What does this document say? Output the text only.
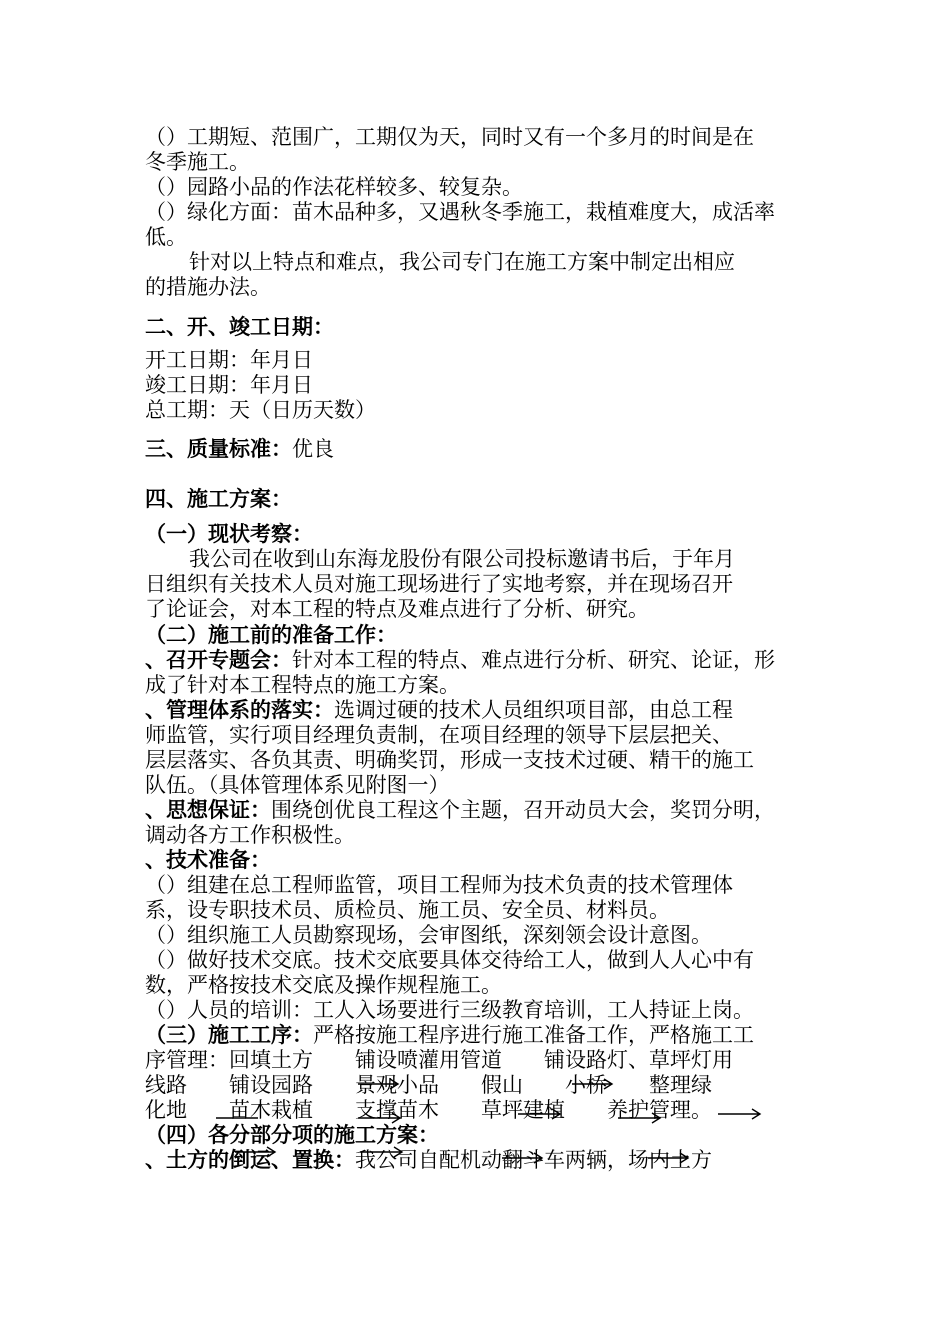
（）工期短、范围广，工期仅为天，同时又有一个多月的时间是在
冬季施工。
（）园路小品的作法花样较多、较复杂。
（）绿化方面：苗木品种多，又遇秋冬季施工，栽植难度大，成活率
低。
针对以上特点和难点，我公司专门在施工方案中制定出相应
的措施办法。
二、开、竣工日期：
开工日期：年月日
竣工日期：年月日
总工期：天（日历天数）
三、质量标准：优良
四、施工方案：
（一）现状考察：
我公司在收到山东海龙股份有限公司投标邀请书后，于年月
日组织有关技术人员对施工现场进行了实地考察，并在现场召开
了论证会，对本工程的特点及难点进行了分析、研究。
（二）施工前的准备工作：
、召开专题会：针对本工程的特点、难点进行分析、研究、论证，形
成了针对本工程特点的施工方案。
、管理体系的落实：选调过硬的技术人员组织项目部，由总工程
师监管，实行项目经理负责制，在项目经理的领导下层层把关、
层层落实、各负其责、明确奖罚，形成一支技术过硬、精干的施工
队伍。（具体管理体系见附图一）
、思想保证：围绕创优良工程这个主题，召开动员大会，奖罚分明，
调动各方工作积极性。
、技术准备：
（）组建在总工程师监管，项目工程师为技术负责的技术管理体
系，设专职技术员、质检员、施工员、安全员、材料员。
（）组织施工人员勘察现场，会审图纸，深刻领会设计意图。
（）做好技术交底。技术交底要具体交待给工人，做到人人心中有
数，严格按技术交底及操作规程施工。
（）人员的培训：工人入场要进行三级教育培训，工人持证上岗。
（三）施工工序：严格按施工程序进行施工准备工作，严格施工工
序管理：回填土方　　铺设喷灌用管道　　铺设路灯、草坪灯用
线路　　铺设园路　　景观小品　　假山　　小桥　　整理绿
化地　　苗木栽植　　支撑苗木　　草坪建植　　养护管理。
（四）各分部分项的施工方案：
、土方的倒运、置换：我公司自配机动翻斗车两辆，场内土方
